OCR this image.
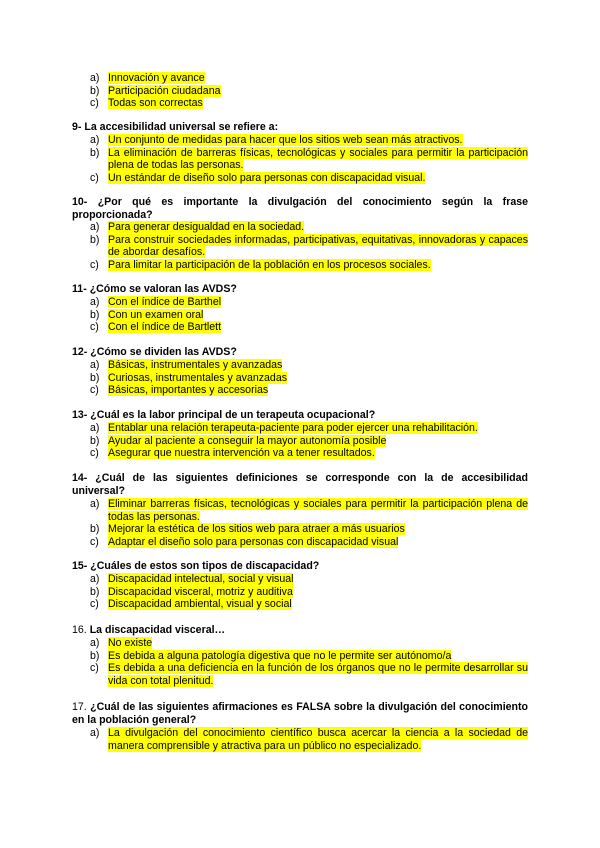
a) Innovación y avance
b) Participación ciudadana
c) Todas son correctas
9- La accesibilidad universal se refiere a:
a) Un conjunto de medidas para hacer que los sitios web sean más atractivos.
b) La eliminación de barreras físicas, tecnológicas y sociales para permitir la participación plena de todas las personas.
c) Un estándar de diseño solo para personas con discapacidad visual.
10- ¿Por qué es importante la divulgación del conocimiento según la frase proporcionada?
a) Para generar desigualdad en la sociedad.
b) Para construir sociedades informadas, participativas, equitativas, innovadoras y capaces de abordar desafíos.
c) Para limitar la participación de la población en los procesos sociales.
11- ¿Cómo se valoran las AVDS?
a) Con el índice de Barthel
b) Con un examen oral
c) Con el índice de Bartlett
12- ¿Cómo se dividen las AVDS?
a) Básicas, instrumentales y avanzadas
b) Curiosas, instrumentales y avanzadas
c) Básicas, importantes y accesorias
13- ¿Cuál es la labor principal de un terapeuta ocupacional?
a) Entablar una relación terapeuta-paciente para poder ejercer una rehabilitación.
b) Ayudar al paciente a conseguir la mayor autonomía posible
c) Asegurar que nuestra intervención va a tener resultados.
14- ¿Cuál de las siguientes definiciones se corresponde con la de accesibilidad universal?
a) Eliminar barreras físicas, tecnológicas y sociales para permitir la participación plena de todas las personas.
b) Mejorar la estética de los sitios web para atraer a más usuarios
c) Adaptar el diseño solo para personas con discapacidad visual
15- ¿Cuáles de estos son tipos de discapacidad?
a) Discapacidad intelectual, social y visual
b) Discapacidad visceral, motriz y auditiva
c) Discapacidad ambiental, visual y social
16. La discapacidad visceral…
a) No existe
b) Es debida a alguna patología digestiva que no le permite ser autónomo/a
c) Es debida a una deficiencia en la función de los órganos que no le permite desarrollar su vida con total plenitud.
17. ¿Cuál de las siguientes afirmaciones es FALSA sobre la divulgación del conocimiento en la población general?
a) La divulgación del conocimiento científico busca acercar la ciencia a la sociedad de manera comprensible y atractiva para un público no especializado.
